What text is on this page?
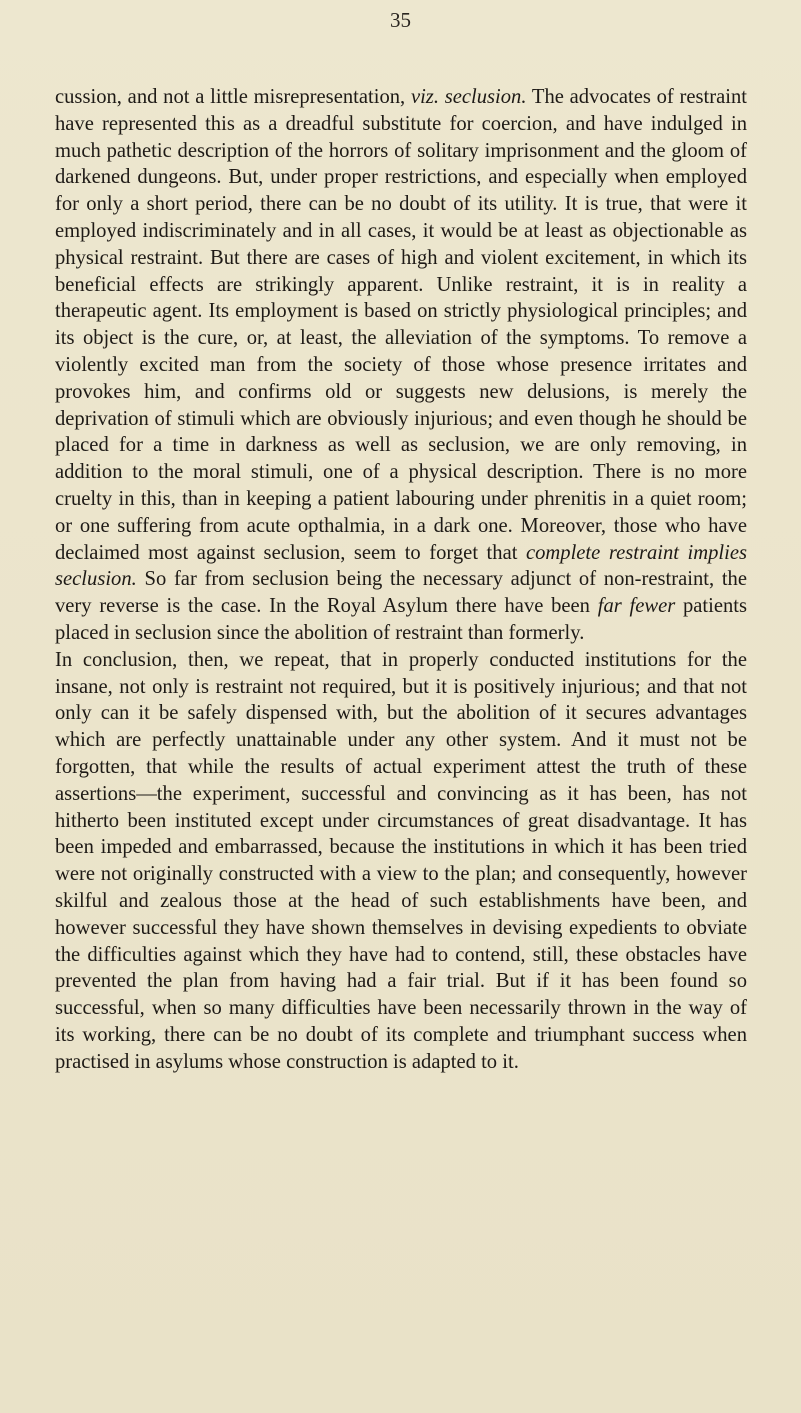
35

cussion, and not a little misrepresentation, viz. seclusion. The advocates of restraint have represented this as a dreadful substitute for coercion, and have indulged in much pathetic description of the horrors of solitary imprisonment and the gloom of darkened dungeons. But, under proper restrictions, and especially when employed for only a short period, there can be no doubt of its utility. It is true, that were it employed indiscriminately and in all cases, it would be at least as objectionable as physical restraint. But there are cases of high and violent excitement, in which its beneficial effects are strikingly apparent. Unlike restraint, it is in reality a therapeutic agent. Its employment is based on strictly physiological principles; and its object is the cure, or, at least, the alleviation of the symptoms. To remove a violently excited man from the society of those whose presence irritates and provokes him, and confirms old or suggests new delusions, is merely the deprivation of stimuli which are obviously injurious; and even though he should be placed for a time in darkness as well as seclusion, we are only removing, in addition to the moral stimuli, one of a physical description. There is no more cruelty in this, than in keeping a patient labouring under phrenitis in a quiet room; or one suffering from acute opthalmia, in a dark one. Moreover, those who have declaimed most against seclusion, seem to forget that complete restraint implies seclusion. So far from seclusion being the necessary adjunct of non-restraint, the very reverse is the case. In the Royal Asylum there have been far fewer patients placed in seclusion since the abolition of restraint than formerly.

In conclusion, then, we repeat, that in properly conducted institutions for the insane, not only is restraint not required, but it is positively injurious; and that not only can it be safely dispensed with, but the abolition of it secures advantages which are perfectly unattainable under any other system. And it must not be forgotten, that while the results of actual experiment attest the truth of these assertions—the experiment, successful and convincing as it has been, has not hitherto been instituted except under circumstances of great disadvantage. It has been impeded and embarrassed, because the institutions in which it has been tried were not originally constructed with a view to the plan; and consequently, however skilful and zealous those at the head of such establishments have been, and however successful they have shown themselves in devising expedients to obviate the difficulties against which they have had to contend, still, these obstacles have prevented the plan from having had a fair trial. But if it has been found so successful, when so many difficulties have been necessarily thrown in the way of its working, there can be no doubt of its complete and triumphant success when practised in asylums whose construction is adapted to it.
